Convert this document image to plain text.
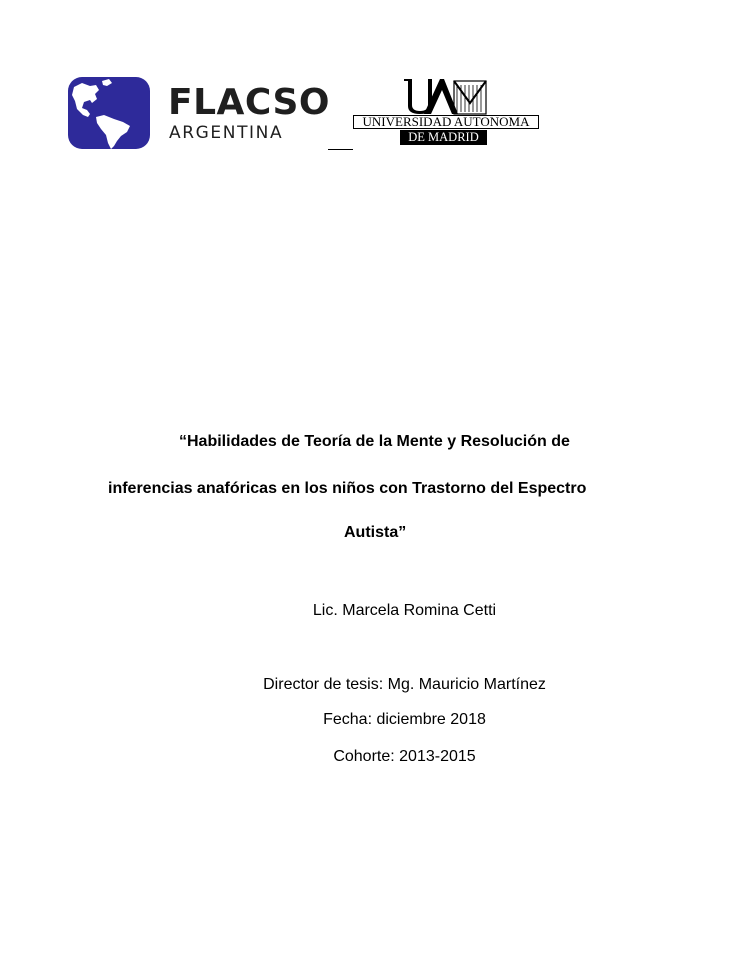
FLACSO
ARGENTINA
UNIVERSIDAD AUTONOMA
DE MADRID
“Habilidades de Teoría de la Mente y Resolución de
inferencias anafóricas en los niños con Trastorno del Espectro
Autista”
Lic. Marcela Romina Cetti
Director de tesis: Mg. Mauricio Martínez
Fecha: diciembre 2018
Cohorte: 2013-2015
